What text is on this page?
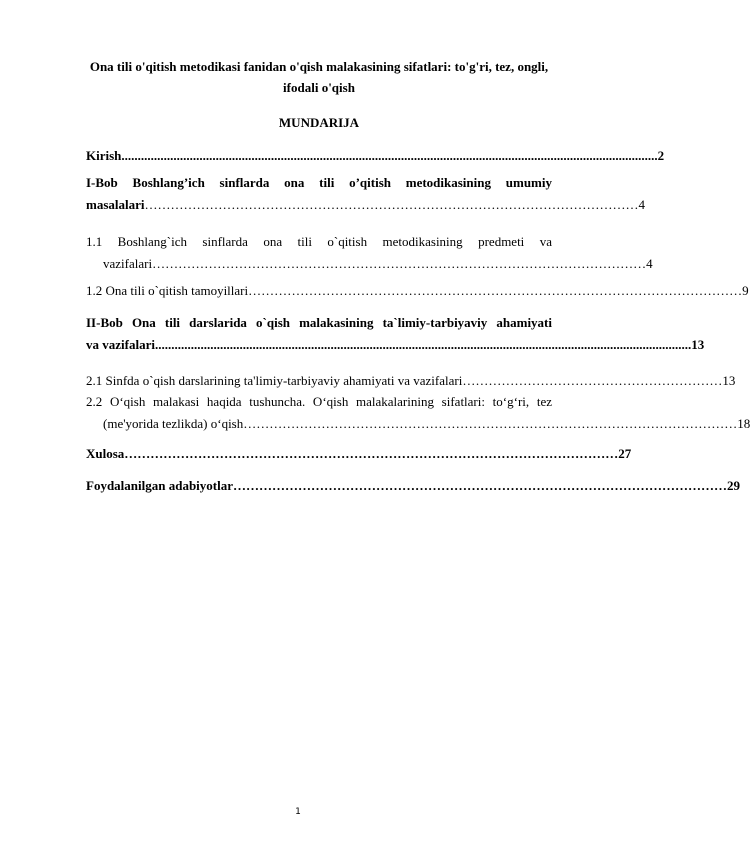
Ona tili o'qitish metodikasi fanidan o'qish malakasining sifatlari: to'g'ri, tez, ongli, ifodali o'qish
MUNDARIJA
Kirish ..................................................................................................................................................................... 2
I-Bob Boshlang’ich sinflarda ona tili o’qitish metodikasining umumiy
masalalari …………………………………………………………………………………………………… 4
1.1 Boshlang`ich sinflarda ona tili o`qitish metodikasining predmeti va
vazifalari …………………………………………………………………………………………………… 4
1.2 Ona tili o`qitish tamoyillari …………………………………………………………………………………………………… 9
II-Bob Ona tili darslarida o`qish malakasining ta`limiy-tarbiyaviy ahamiyati
va vazifalari ..................................................................................................................................................................... 13
2.1 Sinfda o`qish darslarining ta'limiy-tarbiyaviy ahamiyati va vazifalari …………………………………………………… 13
2.2 O‘qish malakasi haqida tushuncha. O‘qish malakalarining sifatlari: to‘g‘ri, tez
(me'yorida tezlikda) o‘qish …………………………………………………………………………………………………… 18
Xulosa …………………………………………………………………………………………………… 27
Foydalanilgan adabiyotlar …………………………………………………………………………………………………… 29
1
